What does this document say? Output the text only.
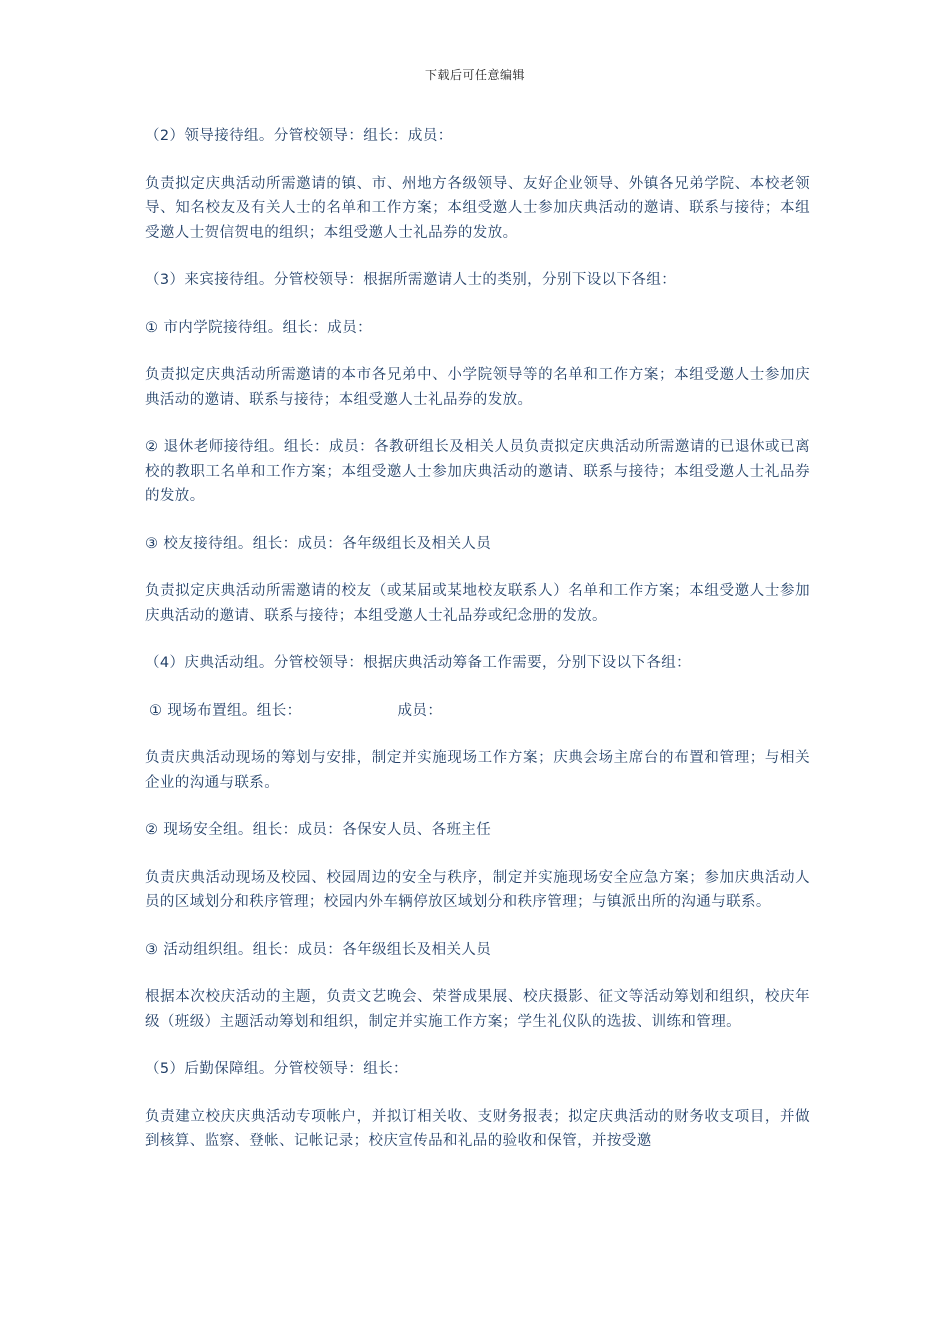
下载后可任意编辑

（2）领导接待组。分管校领导：组长：成员：

负责拟定庆典活动所需邀请的镇、市、州地方各级领导、友好企业领导、外镇各兄弟学院、本校老领导、知名校友及有关人士的名单和工作方案；本组受邀人士参加庆典活动的邀请、联系与接待；本组受邀人士贺信贺电的组织；本组受邀人士礼品券的发放。

（3）来宾接待组。分管校领导：根据所需邀请人士的类别，分别下设以下各组：

① 市内学院接待组。组长：成员：

负责拟定庆典活动所需邀请的本市各兄弟中、小学院领导等的名单和工作方案；本组受邀人士参加庆典活动的邀请、联系与接待；本组受邀人士礼品券的发放。

② 退休老师接待组。组长：成员：各教研组长及相关人员负责拟定庆典活动所需邀请的已退休或已离校的教职工名单和工作方案；本组受邀人士参加庆典活动的邀请、联系与接待；本组受邀人士礼品券的发放。

③ 校友接待组。组长：成员：各年级组长及相关人员

负责拟定庆典活动所需邀请的校友（或某届或某地校友联系人）名单和工作方案；本组受邀人士参加庆典活动的邀请、联系与接待；本组受邀人士礼品券或纪念册的发放。

（4）庆典活动组。分管校领导：根据庆典活动筹备工作需要，分别下设以下各组：

① 现场布置组。组长：	成员：

负责庆典活动现场的筹划与安排，制定并实施现场工作方案；庆典会场主席台的布置和管理；与相关企业的沟通与联系。

② 现场安全组。组长：成员：各保安人员、各班主任

负责庆典活动现场及校园、校园周边的安全与秩序，制定并实施现场安全应急方案；参加庆典活动人员的区域划分和秩序管理；校园内外车辆停放区域划分和秩序管理；与镇派出所的沟通与联系。

③ 活动组织组。组长：成员：各年级组长及相关人员

根据本次校庆活动的主题，负责文艺晚会、荣誉成果展、校庆摄影、征文等活动筹划和组织，校庆年级（班级）主题活动筹划和组织，制定并实施工作方案；学生礼仪队的选拔、训练和管理。

（5）后勤保障组。分管校领导：组长：

负责建立校庆庆典活动专项帐户，并拟订相关收、支财务报表；拟定庆典活动的财务收支项目，并做到核算、监察、登帐、记帐记录；校庆宣传品和礼品的验收和保管，并按受邀
